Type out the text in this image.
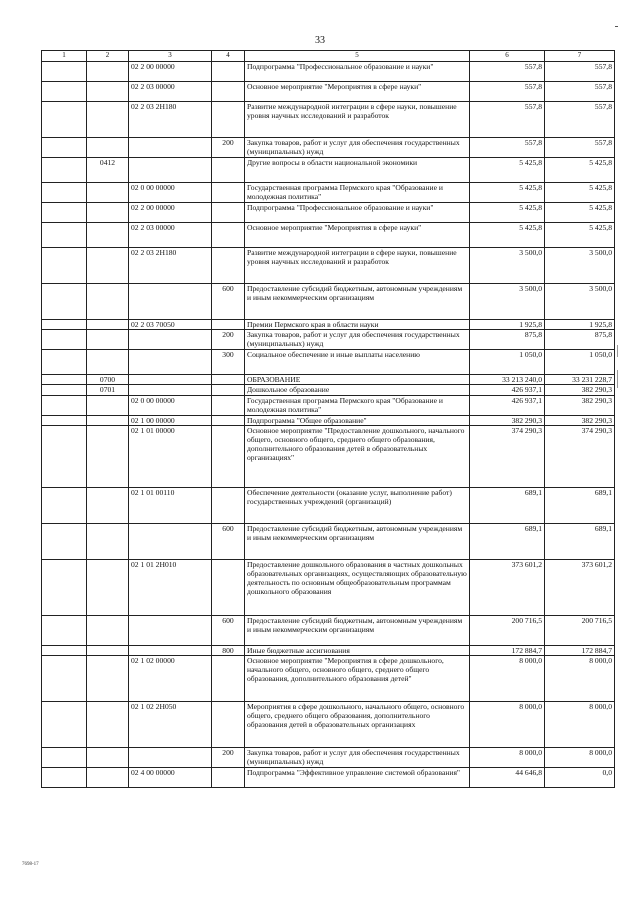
33
1	2	3	4	5	6	7
		02 2 00 00000		Подпрограмма "Профессиональное образование и науки"	557,8	557,8
		02 2 03 00000		Основное мероприятие "Мероприятия в сфере науки"	557,8	557,8
		02 2 03 2Н180		Развитие международной интеграции в сфере науки, повышение уровня научных исследований и разработок	557,8	557,8
			200	Закупка товаров, работ и услуг для обеспечения государственных (муниципальных) нужд	557,8	557,8
	0412			Другие вопросы в области национальной экономики	5 425,8	5 425,8
		02 0 00 00000		Государственная программа Пермского края "Образование и молодежная политика"	5 425,8	5 425,8
		02 2 00 00000		Подпрограмма "Профессиональное образование и науки"	5 425,8	5 425,8
		02 2 03 00000		Основное мероприятие "Мероприятия в сфере науки"	5 425,8	5 425,8
		02 2 03 2Н180		Развитие международной интеграции в сфере науки, повышение уровня научных исследований и разработок	3 500,0	3 500,0
			600	Предоставление субсидий бюджетным, автономным учреждениям и иным некоммерческим организациям	3 500,0	3 500,0
		02 2 03 70050		Премии Пермского края в области науки	1 925,8	1 925,8
			200	Закупка товаров, работ и услуг для обеспечения государственных (муниципальных) нужд	875,8	875,8
			300	Социальное обеспечение и иные выплаты населению	1 050,0	1 050,0
	0700			ОБРАЗОВАНИЕ	33 213 240,0	33 231 228,7
	0701			Дошкольное образование	426 937,1	382 290,3
		02 0 00 00000		Государственная программа Пермского края "Образование и молодежная политика"	426 937,1	382 290,3
		02 1 00 00000		Подпрограмма "Общее образование"	382 290,3	382 290,3
		02 1 01 00000		Основное мероприятие "Предоставление дошкольного, начального общего, основного общего, среднего общего образования, дополнительного образования детей в образовательных организациях"	374 290,3	374 290,3
		02 1 01 00110		Обеспечение деятельности (оказание услуг, выполнение работ) государственных учреждений (организаций)	689,1	689,1
			600	Предоставление субсидий бюджетным, автономным учреждениям и иным некоммерческим организациям	689,1	689,1
		02 1 01 2Н010		Предоставление дошкольного образования в частных дошкольных образовательных организациях, осуществляющих образовательную деятельность по основным общеобразовательным программам дошкольного образования	373 601,2	373 601,2
			600	Предоставление субсидий бюджетным, автономным учреждениям и иным некоммерческим организациям	200 716,5	200 716,5
			800	Иные бюджетные ассигнования	172 884,7	172 884,7
		02 1 02 00000		Основное мероприятие "Мероприятия в сфере дошкольного, начального общего, основного общего, среднего общего образования, дополнительного образования детей"	8 000,0	8 000,0
		02 1 02 2Н050		Мероприятия в сфере дошкольного, начального общего, основного общего, среднего общего образования, дополнительного образования детей в образовательных организациях	8 000,0	8 000,0
			200	Закупка товаров, работ и услуг для обеспечения государственных (муниципальных) нужд	8 000,0	8 000,0
		02 4 00 00000		Подпрограмма "Эффективное управление системой образования"	44 646,8	0,0
7698-17
